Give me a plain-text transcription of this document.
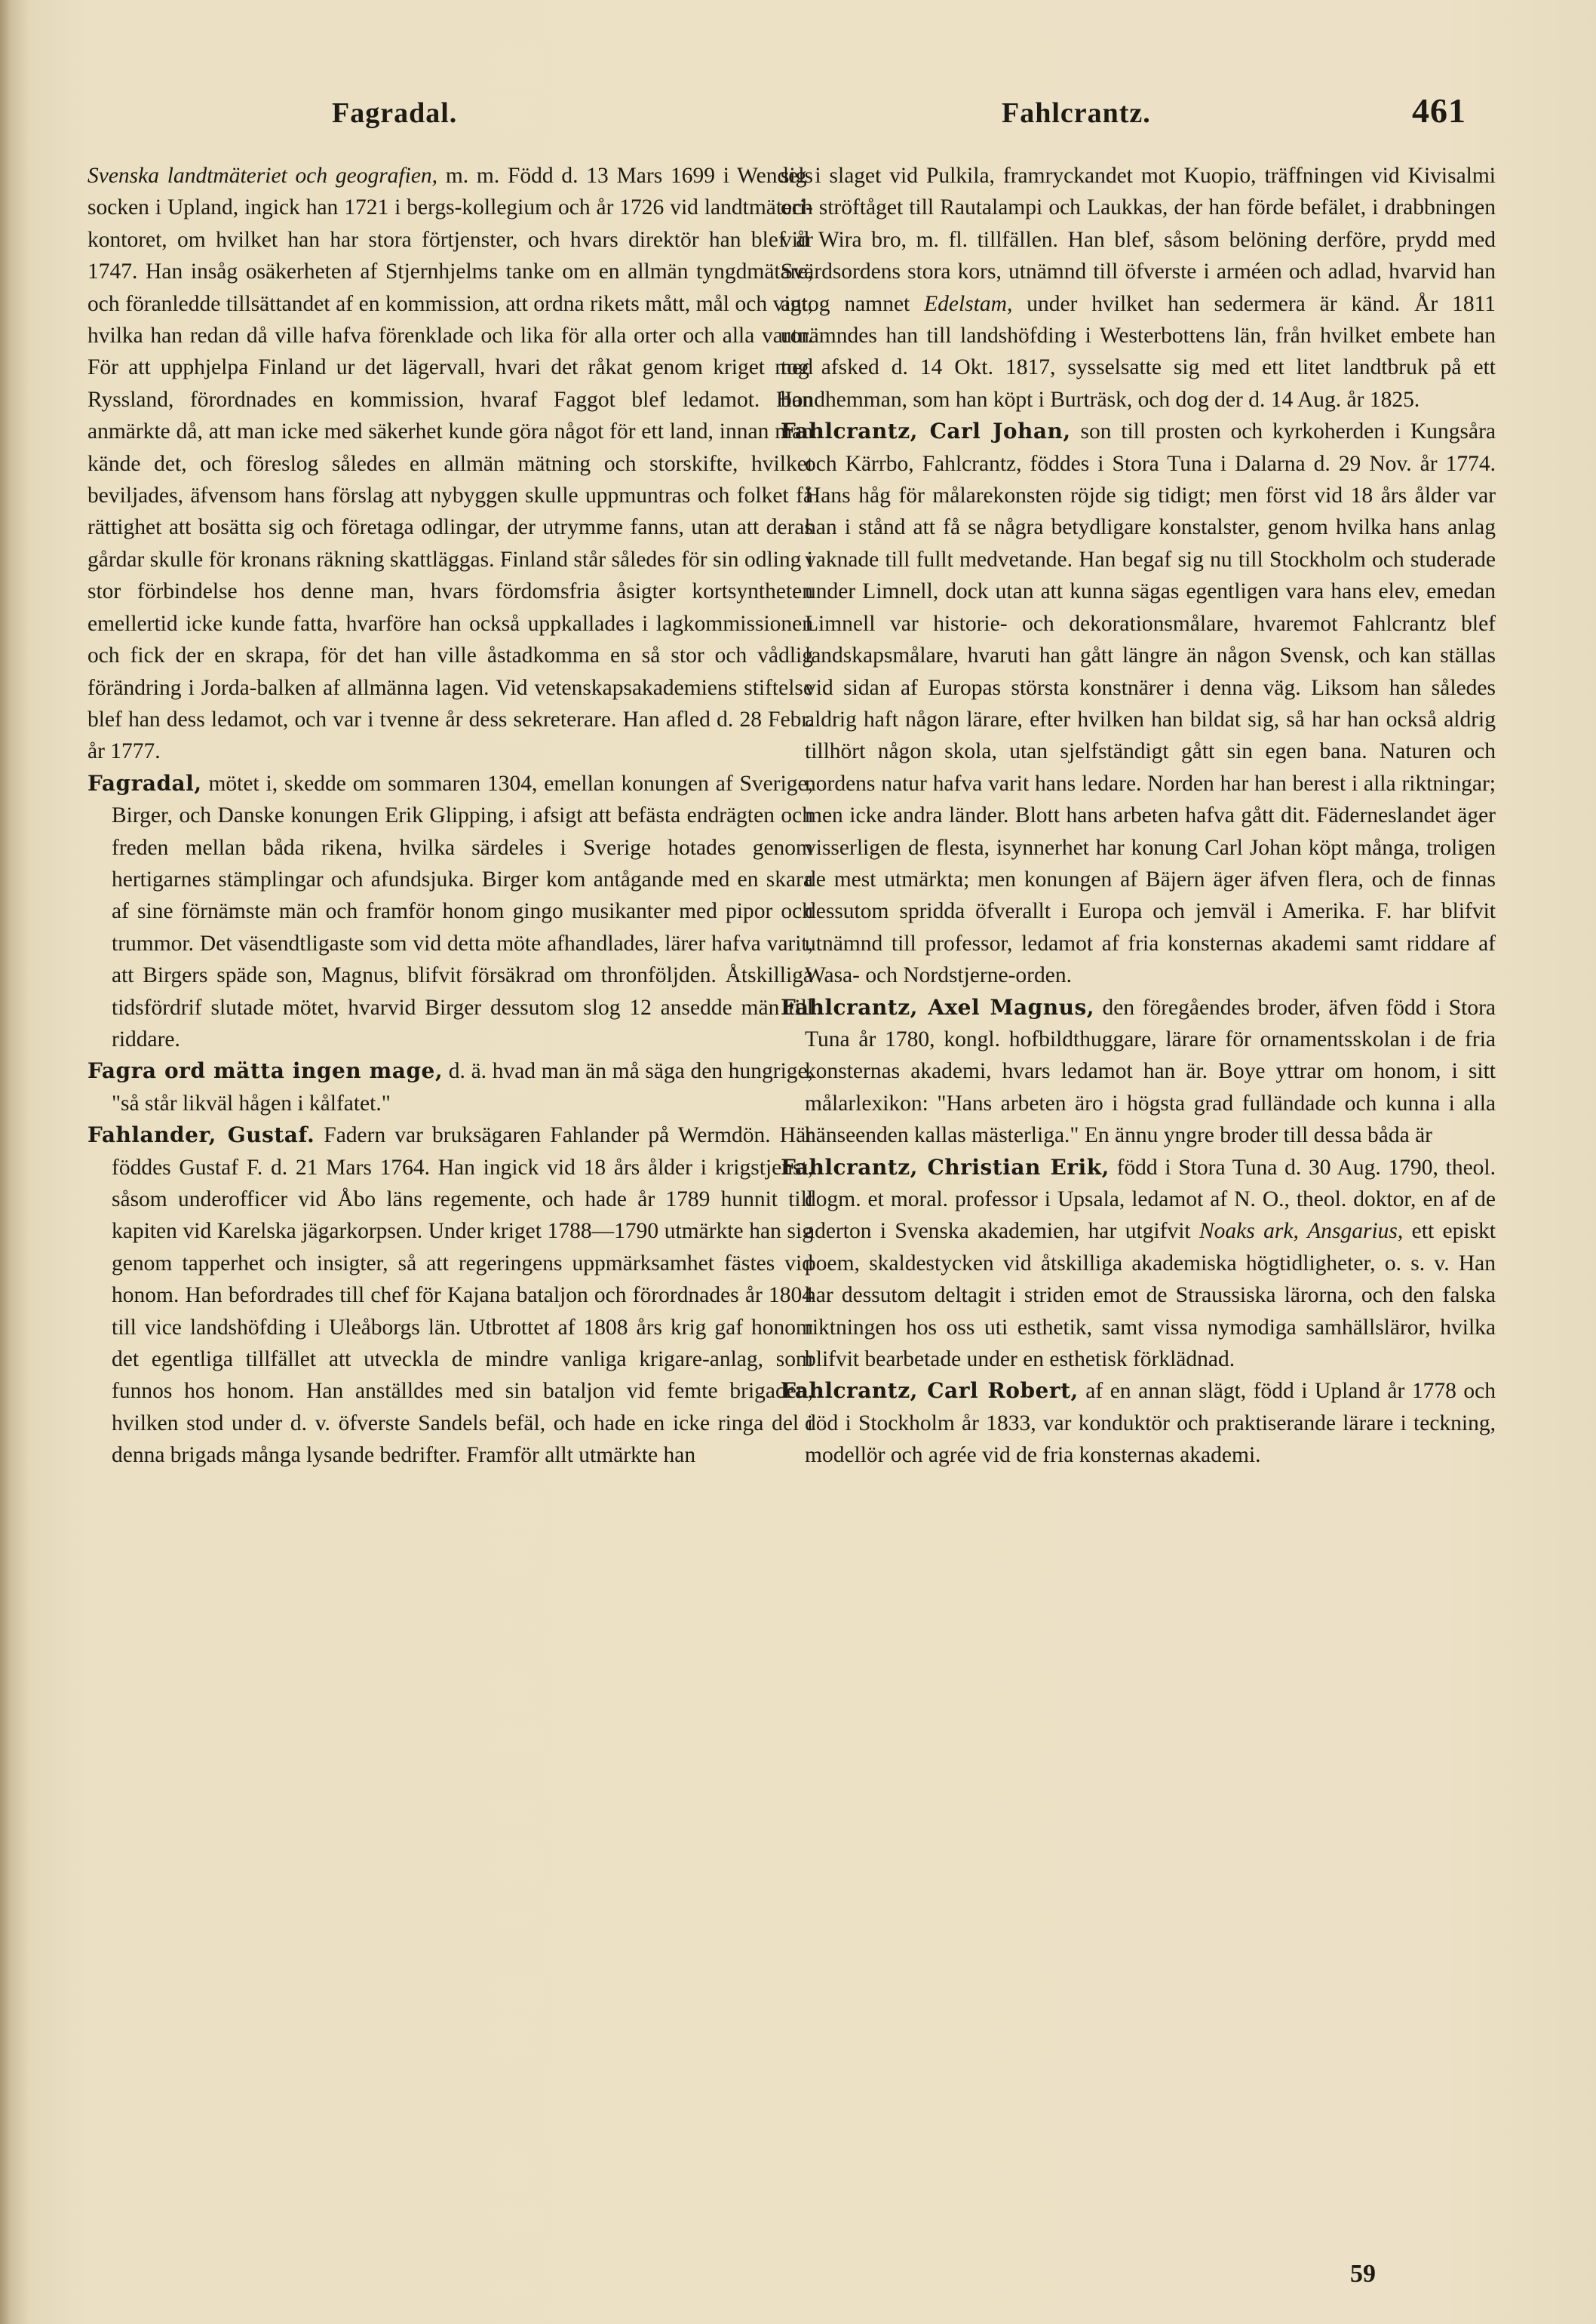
Fagradal.	Fahlcrantz.	461

Svenska landtmäteriet och geografien, m. m. Född d. 13 Mars 1699 i Wendels socken i Upland, ingick han 1721 i bergs-kollegium och år 1726 vid landtmäteri-kontoret, om hvilket han har stora förtjenster, och hvars direktör han blef år 1747. Han insåg osäkerheten af Stjernhjelms tanke om en allmän tyngdmätare, och föranledde tillsättandet af en kommission, att ordna rikets mått, mål och vigt, hvilka han redan då ville hafva förenklade och lika för alla orter och alla varor. För att upphjelpa Finland ur det lägervall, hvari det råkat genom kriget med Ryssland, förordnades en kommission, hvaraf Faggot blef ledamot. Han anmärkte då, att man icke med säkerhet kunde göra något för ett land, innan man kände det, och föreslog således en allmän mätning och storskifte, hvilket beviljades, äfvensom hans förslag att nybyggen skulle uppmuntras och folket få rättighet att bosätta sig och företaga odlingar, der utrymme fanns, utan att deras gårdar skulle för kronans räkning skattläggas. Finland står således för sin odling i stor förbindelse hos denne man, hvars fördomsfria åsigter kortsyntheten emellertid icke kunde fatta, hvarföre han också uppkallades i lagkommissionen och fick der en skrapa, för det han ville åstadkomma en så stor och vådlig förändring i Jorda-balken af allmänna lagen. Vid vetenskapsakademiens stiftelse blef han dess ledamot, och var i tvenne år dess sekreterare. Han afled d. 28 Febr. år 1777.

Fagradal, mötet i, skedde om sommaren 1304, emellan konungen af Sverige, Birger, och Danske konungen Erik Glipping, i afsigt att befästa endrägten och freden mellan båda rikena, hvilka särdeles i Sverige hotades genom hertigarnes stämplingar och afundsjuka. Birger kom antågande med en skara af sine förnämste män och framför honom gingo musikanter med pipor och trummor. Det väsendtligaste som vid detta möte afhandlades, lärer hafva varit, att Birgers späde son, Magnus, blifvit försäkrad om thronföljden. Åtskilliga tidsfördrif slutade mötet, hvarvid Birger dessutom slog 12 ansedde män till riddare.

Fagra ord mätta ingen mage, d. ä. hvad man än må säga den hungrige, "så står likväl hågen i kålfatet."

Fahlander, Gustaf. Fadern var bruksägaren Fahlander på Wermdön. Här föddes Gustaf F. d. 21 Mars 1764. Han ingick vid 18 års ålder i krigstjenst, såsom underofficer vid Åbo läns regemente, och hade år 1789 hunnit till kapiten vid Karelska jägarkorpsen. Under kriget 1788—1790 utmärkte han sig genom tapperhet och insigter, så att regeringens uppmärksamhet fästes vid honom. Han befordrades till chef för Kajana bataljon och förordnades år 1804 till vice landshöfding i Uleåborgs län. Utbrottet af 1808 års krig gaf honom det egentliga tillfället att utveckla de mindre vanliga krigare-anlag, som funnos hos honom. Han anställdes med sin bataljon vid femte brigaden, hvilken stod under d. v. öfverste Sandels befäl, och hade en icke ringa del i denna brigads många lysande bedrifter. Framför allt utmärkte han

sig i slaget vid Pulkila, framryckandet mot Kuopio, träffningen vid Kivisalmi och ströftåget till Rautalampi och Laukkas, der han förde befälet, i drabbningen vid Wira bro, m. fl. tillfällen. Han blef, såsom belöning derföre, prydd med Svärdsordens stora kors, utnämnd till öfverste i arméen och adlad, hvarvid han antog namnet Edelstam, under hvilket han sedermera är känd. År 1811 utnämndes han till landshöfding i Westerbottens län, från hvilket embete han tog afsked d. 14 Okt. 1817, sysselsatte sig med ett litet landtbruk på ett bondhemman, som han köpt i Burträsk, och dog der d. 14 Aug. år 1825.

Fahlcrantz, Carl Johan, son till prosten och kyrkoherden i Kungsåra och Kärrbo, Fahlcrantz, föddes i Stora Tuna i Dalarna d. 29 Nov. år 1774. Hans håg för målarekonsten röjde sig tidigt; men först vid 18 års ålder var han i stånd att få se några betydligare konstalster, genom hvilka hans anlag vaknade till fullt medvetande. Han begaf sig nu till Stockholm och studerade under Limnell, dock utan att kunna sägas egentligen vara hans elev, emedan Limnell var historie- och dekorationsmålare, hvaremot Fahlcrantz blef landskapsmålare, hvaruti han gått längre än någon Svensk, och kan ställas vid sidan af Europas största konstnärer i denna väg. Liksom han således aldrig haft någon lärare, efter hvilken han bildat sig, så har han också aldrig tillhört någon skola, utan sjelfständigt gått sin egen bana. Naturen och nordens natur hafva varit hans ledare. Norden har han berest i alla riktningar; men icke andra länder. Blott hans arbeten hafva gått dit. Fäderneslandet äger visserligen de flesta, isynnerhet har konung Carl Johan köpt många, troligen de mest utmärkta; men konungen af Bäjern äger äfven flera, och de finnas dessutom spridda öfverallt i Europa och jemväl i Amerika. F. har blifvit utnämnd till professor, ledamot af fria konsternas akademi samt riddare af Wasa- och Nordstjerne-orden.

Fahlcrantz, Axel Magnus, den föregåendes broder, äfven född i Stora Tuna år 1780, kongl. hofbildthuggare, lärare för ornamentsskolan i de fria konsternas akademi, hvars ledamot han är. Boye yttrar om honom, i sitt målarlexikon: "Hans arbeten äro i högsta grad fulländade och kunna i alla hänseenden kallas mästerliga." En ännu yngre broder till dessa båda är

Fahlcrantz, Christian Erik, född i Stora Tuna d. 30 Aug. 1790, theol. dogm. et moral. professor i Upsala, ledamot af N. O., theol. doktor, en af de aderton i Svenska akademien, har utgifvit Noaks ark, Ansgarius, ett episkt poem, skaldestycken vid åtskilliga akademiska högtidligheter, o. s. v. Han har dessutom deltagit i striden emot de Straussiska lärorna, och den falska riktningen hos oss uti esthetik, samt vissa nymodiga samhällsläror, hvilka blifvit bearbetade under en esthetisk förklädnad.

Fahlcrantz, Carl Robert, af en annan slägt, född i Upland år 1778 och död i Stockholm år 1833, var konduktör och praktiserande lärare i teckning, modellör och agrée vid de fria konsternas akademi.

59
